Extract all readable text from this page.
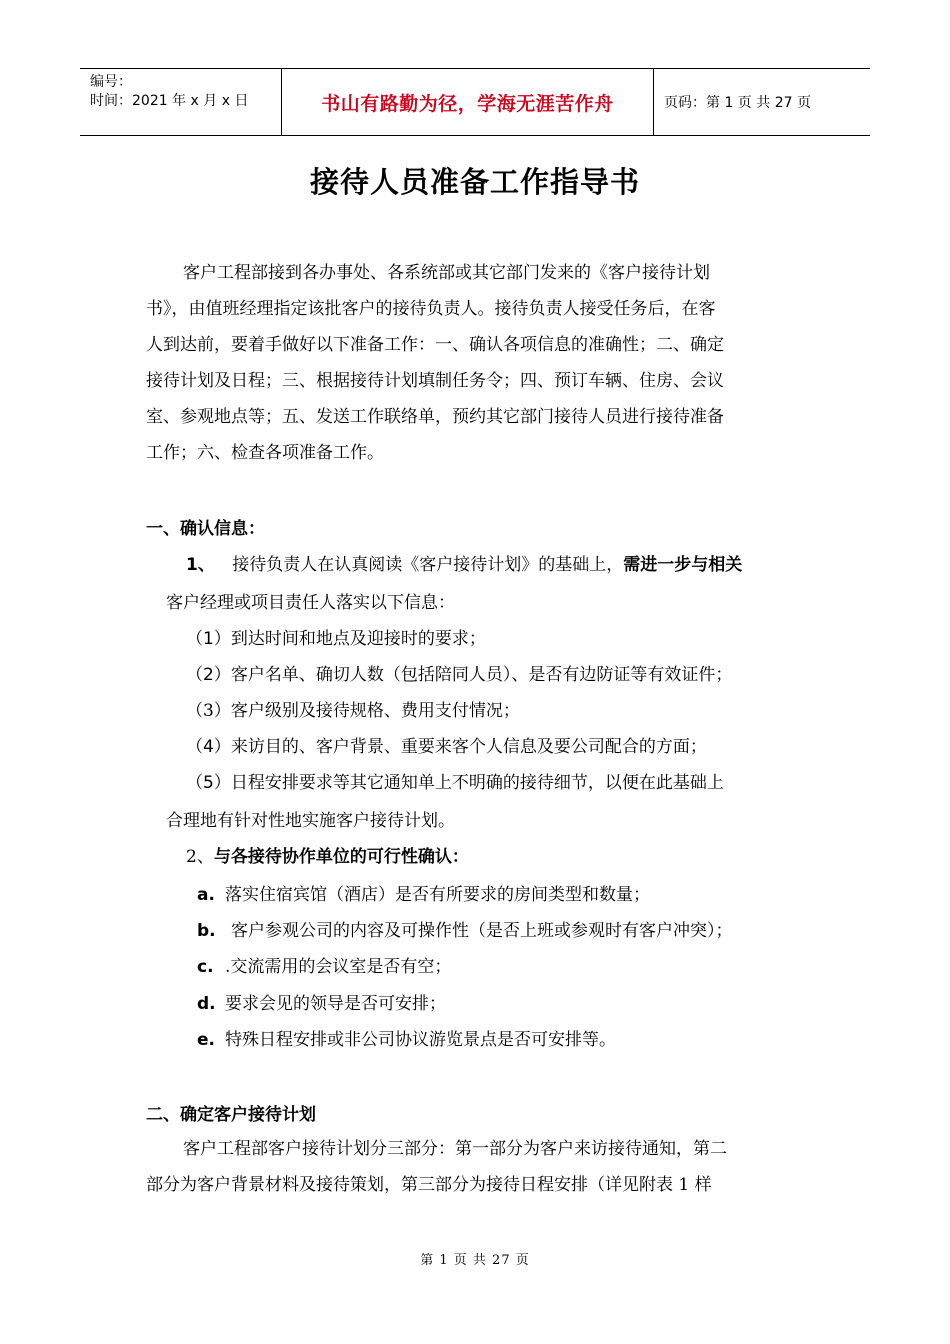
编号：
时间：2021 年 x 月 x 日	书山有路勤为径，学海无涯苦作舟	页码：第 1 页 共 27 页
接待人员准备工作指导书
客户工程部接到各办事处、各系统部或其它部门发来的《客户接待计划
书》，由值班经理指定该批客户的接待负责人。接待负责人接受任务后，在客
人到达前，要着手做好以下准备工作：一、确认各项信息的准确性；二、确定
接待计划及日程；三、根据接待计划填制任务令；四、预订车辆、住房、会议
室、参观地点等；五、发送工作联络单，预约其它部门接待人员进行接待准备
工作；六、检查各项准备工作。
一、确认信息：
1、 接待负责人在认真阅读《客户接待计划》的基础上，需进一步与相关
客户经理或项目责任人落实以下信息：
（1）到达时间和地点及迎接时的要求；
（2）客户名单、确切人数（包括陪同人员）、是否有边防证等有效证件；
（3）客户级别及接待规格、费用支付情况；
（4）来访目的、客户背景、重要来客个人信息及要公司配合的方面；
（5）日程安排要求等其它通知单上不明确的接待细节，以便在此基础上
合理地有针对性地实施客户接待计划。
2、与各接待协作单位的可行性确认：
a. 落实住宿宾馆（酒店）是否有所要求的房间类型和数量；
b. 客户参观公司的内容及可操作性（是否上班或参观时有客户冲突）；
c. .交流需用的会议室是否有空；
d. 要求会见的领导是否可安排；
e. 特殊日程安排或非公司协议游览景点是否可安排等。
二、确定客户接待计划
客户工程部客户接待计划分三部分：第一部分为客户来访接待通知，第二
部分为客户背景材料及接待策划，第三部分为接待日程安排（详见附表 1 样
第 1 页 共 27 页
